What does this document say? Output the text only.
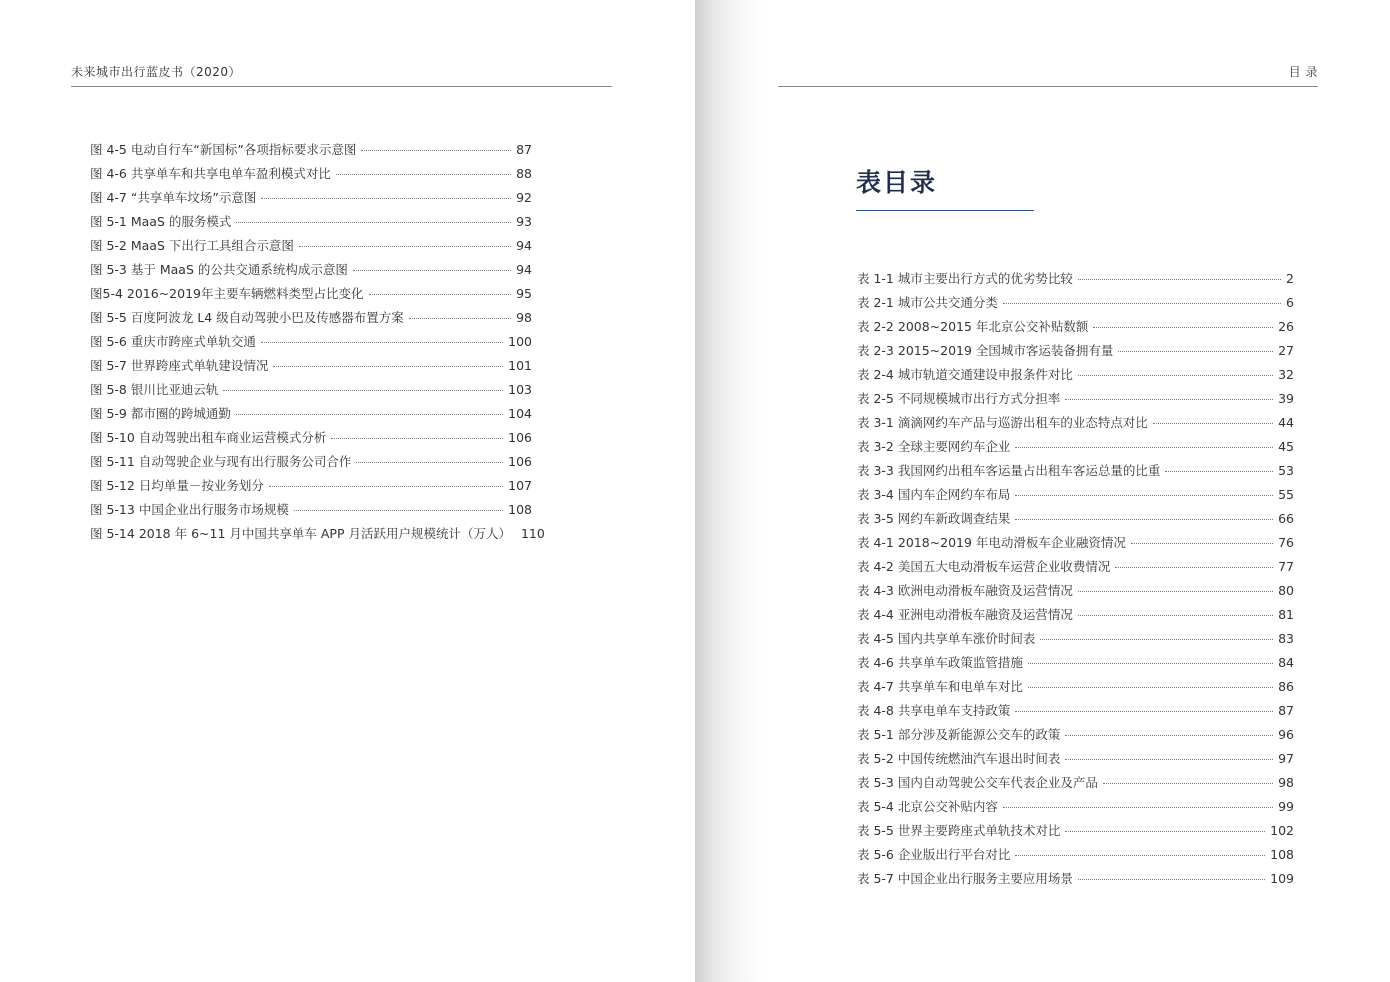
未来城市出行蓝皮书（2020）
图 4-5 电动自行车“新国标”各项指标要求示意图	87
图 4-6 共享单车和共享电单车盈利模式对比	88
图 4-7 “共享单车坟场”示意图	92
图 5-1 MaaS 的服务模式	93
图 5-2 MaaS 下出行工具组合示意图	94
图 5-3 基于 MaaS 的公共交通系统构成示意图	94
图5-4 2016~2019年主要车辆燃料类型占比变化	95
图 5-5 百度阿波龙 L4 级自动驾驶小巴及传感器布置方案	98
图 5-6 重庆市跨座式单轨交通	100
图 5-7 世界跨座式单轨建设情况	101
图 5-8 银川比亚迪云轨	103
图 5-9 都市圈的跨城通勤	104
图 5-10 自动驾驶出租车商业运营模式分析	106
图 5-11 自动驾驶企业与现有出行服务公司合作	106
图 5-12 日均单量－按业务划分	107
图 5-13 中国企业出行服务市场规模	108
图 5-14 2018 年 6~11 月中国共享单车 APP 月活跃用户规模统计（万人） 110
目 录
表目录
表 1-1 城市主要出行方式的优劣势比较	2
表 2-1 城市公共交通分类	6
表 2-2 2008~2015 年北京公交补贴数额	26
表 2-3 2015~2019 全国城市客运装备拥有量	27
表 2-4 城市轨道交通建设申报条件对比	32
表 2-5 不同规模城市出行方式分担率	39
表 3-1 滴滴网约车产品与巡游出租车的业态特点对比	44
表 3-2 全球主要网约车企业	45
表 3-3 我国网约出租车客运量占出租车客运总量的比重	53
表 3-4 国内车企网约车布局	55
表 3-5 网约车新政调查结果	66
表 4-1 2018~2019 年电动滑板车企业融资情况	76
表 4-2 美国五大电动滑板车运营企业收费情况	77
表 4-3 欧洲电动滑板车融资及运营情况	80
表 4-4 亚洲电动滑板车融资及运营情况	81
表 4-5 国内共享单车涨价时间表	83
表 4-6 共享单车政策监管措施	84
表 4-7 共享单车和电单车对比	86
表 4-8 共享电单车支持政策	87
表 5-1 部分涉及新能源公交车的政策	96
表 5-2 中国传统燃油汽车退出时间表	97
表 5-3 国内自动驾驶公交车代表企业及产品	98
表 5-4 北京公交补贴内容	99
表 5-5 世界主要跨座式单轨技术对比	102
表 5-6 企业版出行平台对比	108
表 5-7 中国企业出行服务主要应用场景	109
